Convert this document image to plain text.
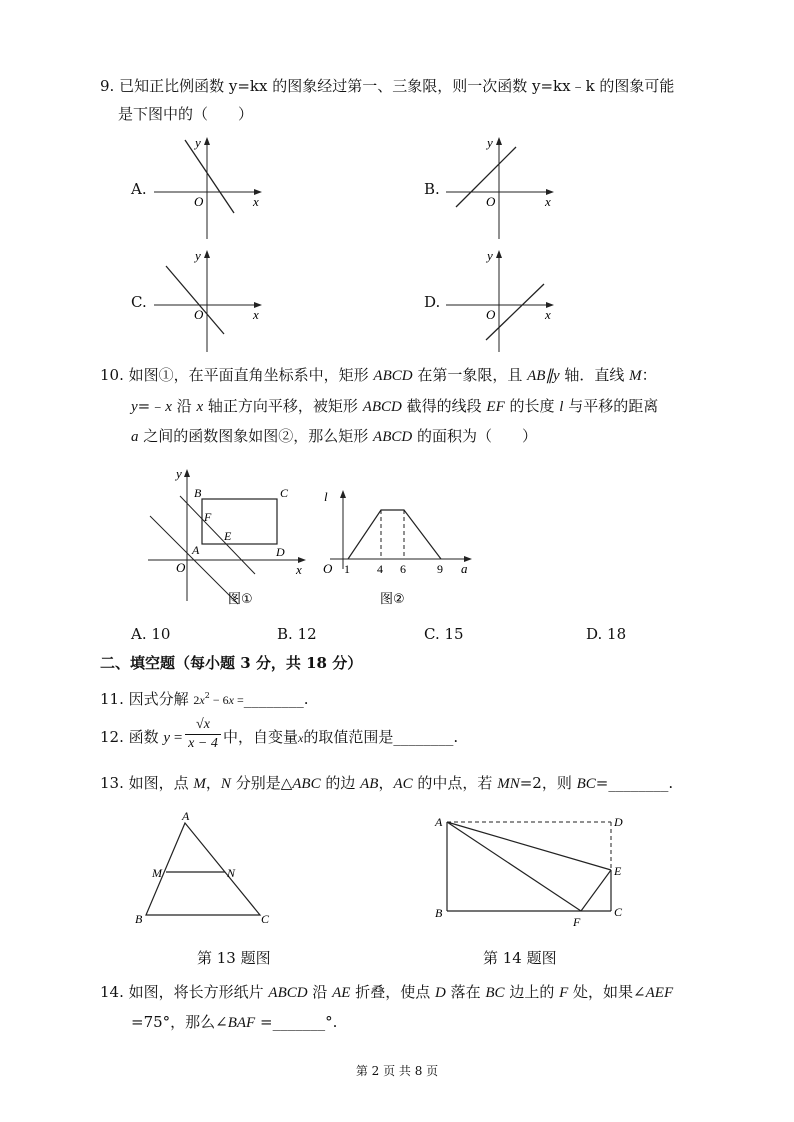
9. 已知正比例函数 y=kx 的图象经过第一、三象限，则一次函数 y=kx﹣k 的图象可能
是下图中的（　　）
A.
y
O	x
B.
y
O	x
C.
y
O	x
D.
y
O	x
10. 如图①，在平面直角坐标系中，矩形 ABCD 在第一象限，且 AB∥y 轴．直线 M：
y=﹣x 沿 x 轴正方向平移，被矩形 ABCD 截得的线段 EF 的长度 l 与平移的距离
a 之间的函数图象如图②，那么矩形 ABCD 的面积为（　　）
y
O	x
A
B	C
D
E
F
图①
l
O 1 4 6	9 a
图②
A. 10	B. 12	C. 15	D. 18
二、填空题（每小题 3 分，共 18 分）
11. 因式分解 $2x^2 - 6x$ =________.
12. 函数 $y = \frac{√x}{x - 4}$ 中，自变量x的取值范围是________.
13. 如图，点 M，N 分别是△ABC 的边 AB，AC 的中点，若 MN=2，则 BC=________.
A
B	C
M	N
第 13 题图
A
B
D
E
C
F
第 14 题图
14. 如图，将长方形纸片 ABCD 沿 AE 折叠，使点 D 落在 BC 边上的 F 处，如果∠AEF
=75°，那么∠BAF =_______°.
第 2 页 共 8 页
